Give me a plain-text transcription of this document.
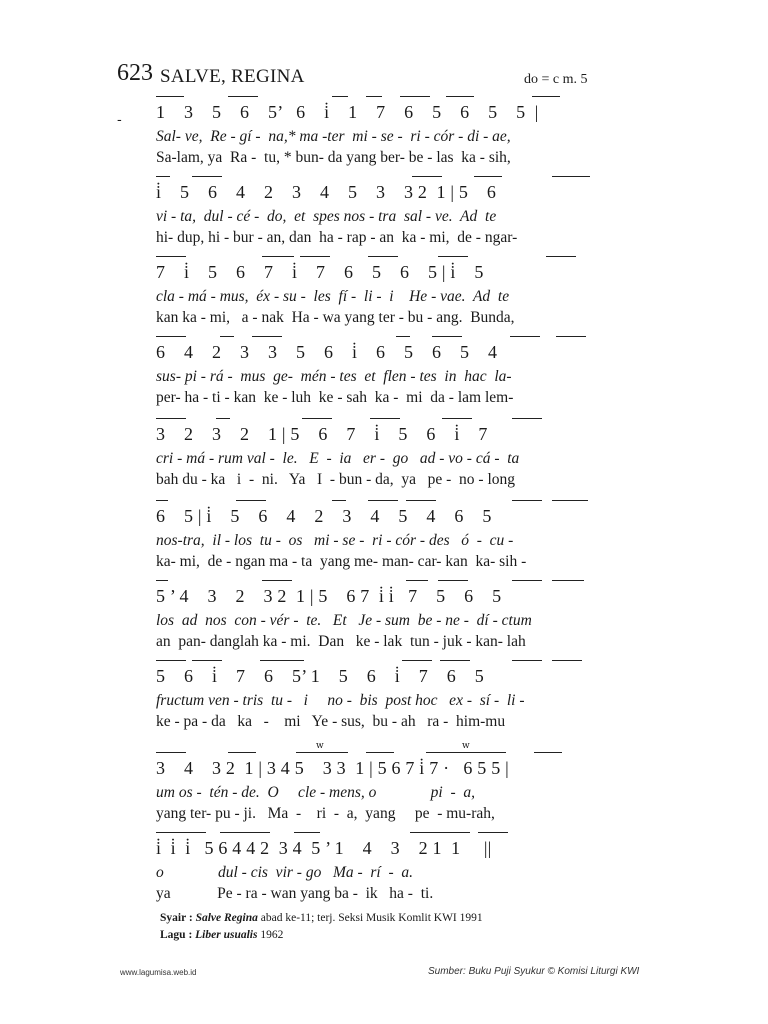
623 SALVE, REGINA	do = c m. 5
- 1    3    5    6    5’   6    i̇    1    7    6    5    6    5    5  |
Sal- ve,  Re - gí -  na,* ma -ter  mi - se -  ri - cór - di - ae,
Sa-lam, ya  Ra -  tu, * bun- da yang ber- be - las  ka - sih,
i̇    5    6    4    2    3    4    5    3    3 2  1 | 5    6
vi - ta,  dul - cé -  do,  et  spes nos - tra  sal - ve.  Ad  te
hi- dup, hi - bur - an, dan  ha - rap - an  ka - mi,  de - ngar-
7    i̇    5    6    7    i̇    7    6    5    6    5 | i̇    5
cla - má - mus,  éx - su -  les  fí -  li -  i    He - vae.  Ad  te
kan ka - mi,   a - nak  Ha - wa yang ter - bu - ang.  Bunda,
6    4    2    3    3    5    6    i̇    6    5    6    5    4
sus- pi - rá -  mus  ge-  mén - tes  et  flen - tes  in  hac  la-
per- ha - ti - kan  ke - luh  ke - sah  ka -  mi  da - lam lem-
3    2    3    2    1 | 5    6    7    i̇    5    6    i̇    7
cri - má - rum val -  le.   E  -  ia   er -  go   ad - vo - cá -  ta
bah du - ka   i  -  ni.   Ya   I  - bun - da,  ya   pe -  no - long
6    5 | i̇    5    6    4    2    3    4    5    4    6    5
nos-tra,  il - los  tu -  os   mi - se -  ri - cór - des   ó  -  cu -
ka- mi,  de - ngan ma - ta  yang me- man- car- kan  ka- sih -
5 ’ 4    3    2    3 2  1 | 5    6 7  i̇ i̇   7    5    6    5
los  ad  nos  con - vér -  te.   Et   Je - sum  be - ne -  dí - ctum
an  pan- danglah ka - mi.  Dan   ke - lak  tun - juk - kan- lah
5    6    i̇    7    6    5’ 1    5    6    i̇    7    6    5
fructum ven - tris  tu -   i     no -  bis  post hoc   ex -  sí -  li -
ke - pa - da   ka   -    mi   Ye - sus,  bu - ah   ra -  him-mu
w	w
3    4    3 2  1 | 3 4 5    3 3  1 | 5 6 7 i̇ 7 ·   6 5 5 |
um os -  tén - de.  O     cle - mens, o              pi  -  a,
yang ter- pu - ji.   Ma  -    ri  -  a,  yang     pe  - mu-rah,
i̇  i̇  i̇   5 6 4 4 2  3 4  5 ’ 1    4    3    2 1  1     ||
o              dul - cis  vir - go   Ma -  rí  -  a.
ya            Pe - ra - wan yang ba -  ik   ha -  ti.
Syair : Salve Regina abad ke-11; terj. Seksi Musik Komlit KWI 1991
Lagu : Liber usualis 1962
www.lagumisa.web.id	Sumber: Buku Puji Syukur © Komisi Liturgi KWI
